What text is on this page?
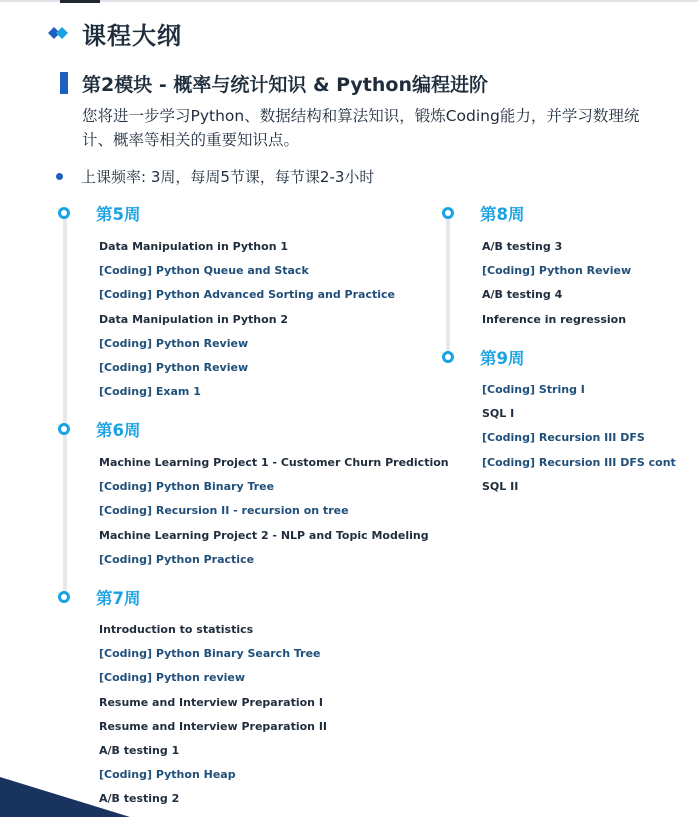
课程大纲
第2模块 - 概率与统计知识 & Python编程进阶
您将进一步学习Python、数据结构和算法知识，锻炼Coding能力，并学习数理统计、概率等相关的重要知识点。
上课频率: 3周，每周5节课，每节课2-3小时
第5周
Data Manipulation in Python 1
[Coding] Python Queue and Stack
[Coding] Python Advanced Sorting and Practice
Data Manipulation in Python 2
[Coding] Python Review
[Coding] Python Review
[Coding] Exam 1
第6周
Machine Learning Project 1 - Customer Churn Prediction
[Coding] Python Binary Tree
[Coding] Recursion II - recursion on tree
Machine Learning Project 2 - NLP and Topic Modeling
[Coding] Python Practice
第7周
Introduction to statistics
[Coding] Python Binary Search Tree
[Coding] Python review
Resume and Interview Preparation I
Resume and Interview Preparation II
A/B testing 1
[Coding] Python Heap
A/B testing 2
第8周
A/B testing 3
[Coding] Python Review
A/B testing 4
Inference in regression
第9周
[Coding] String I
SQL I
[Coding] Recursion III DFS
[Coding] Recursion III DFS cont
SQL II
